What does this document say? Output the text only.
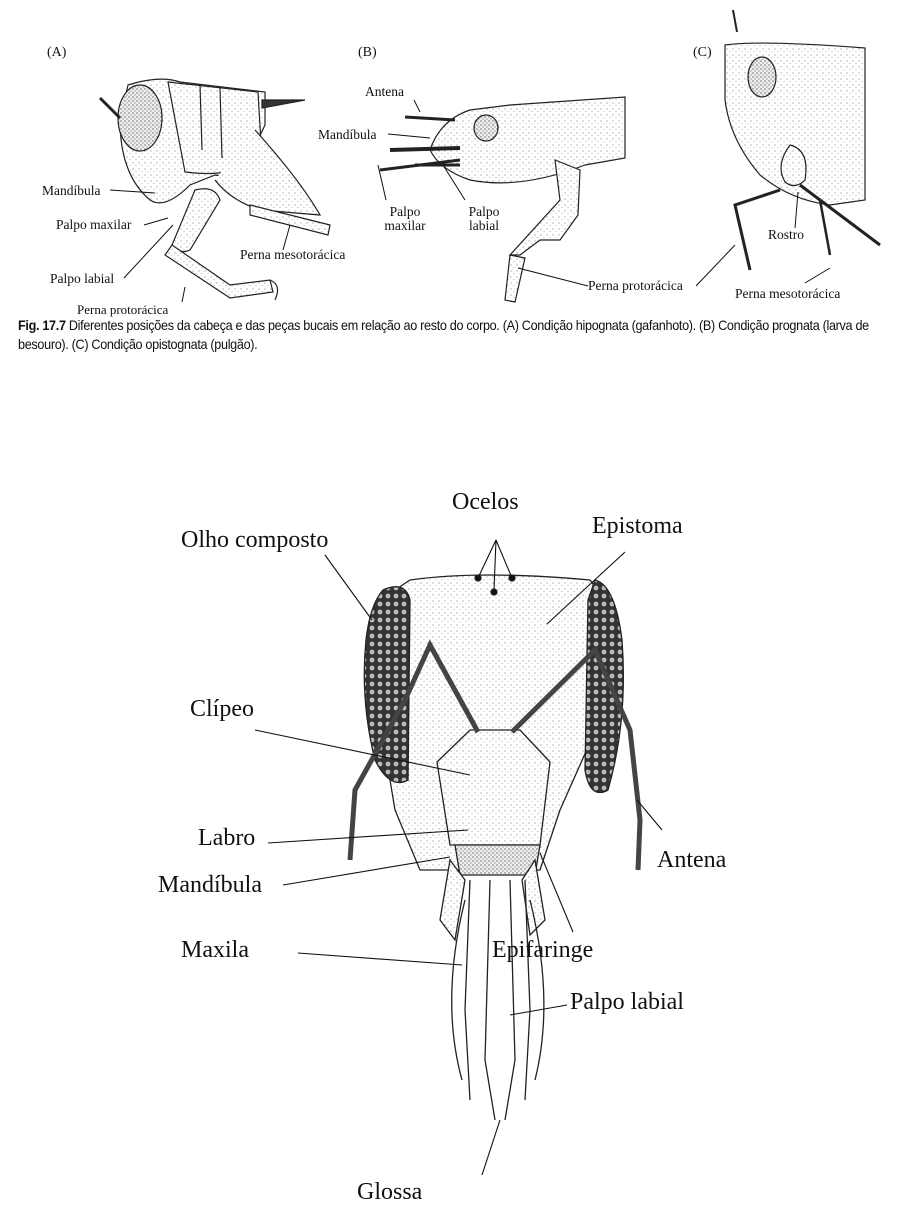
(A)	(B)	(C)
Mandíbula
Palpo maxilar
Palpo labial
Perna protorácica
Perna mesotorácica
Antena
Mandíbula
Palpo
maxilar
Palpo
labial
Perna protorácica
Rostro
Perna mesotorácica
Fig. 17.7 Diferentes posições da cabeça e das peças bucais em relação ao resto do corpo. (A) Condição hipognata (gafanhoto). (B) Condição prognata (larva de besouro). (C) Condição opistognata (pulgão).
Ocelos
Olho composto
Epistoma
Clípeo
Labro
Mandíbula
Antena
Maxila	Epifaringe
Palpo labial
Glossa
